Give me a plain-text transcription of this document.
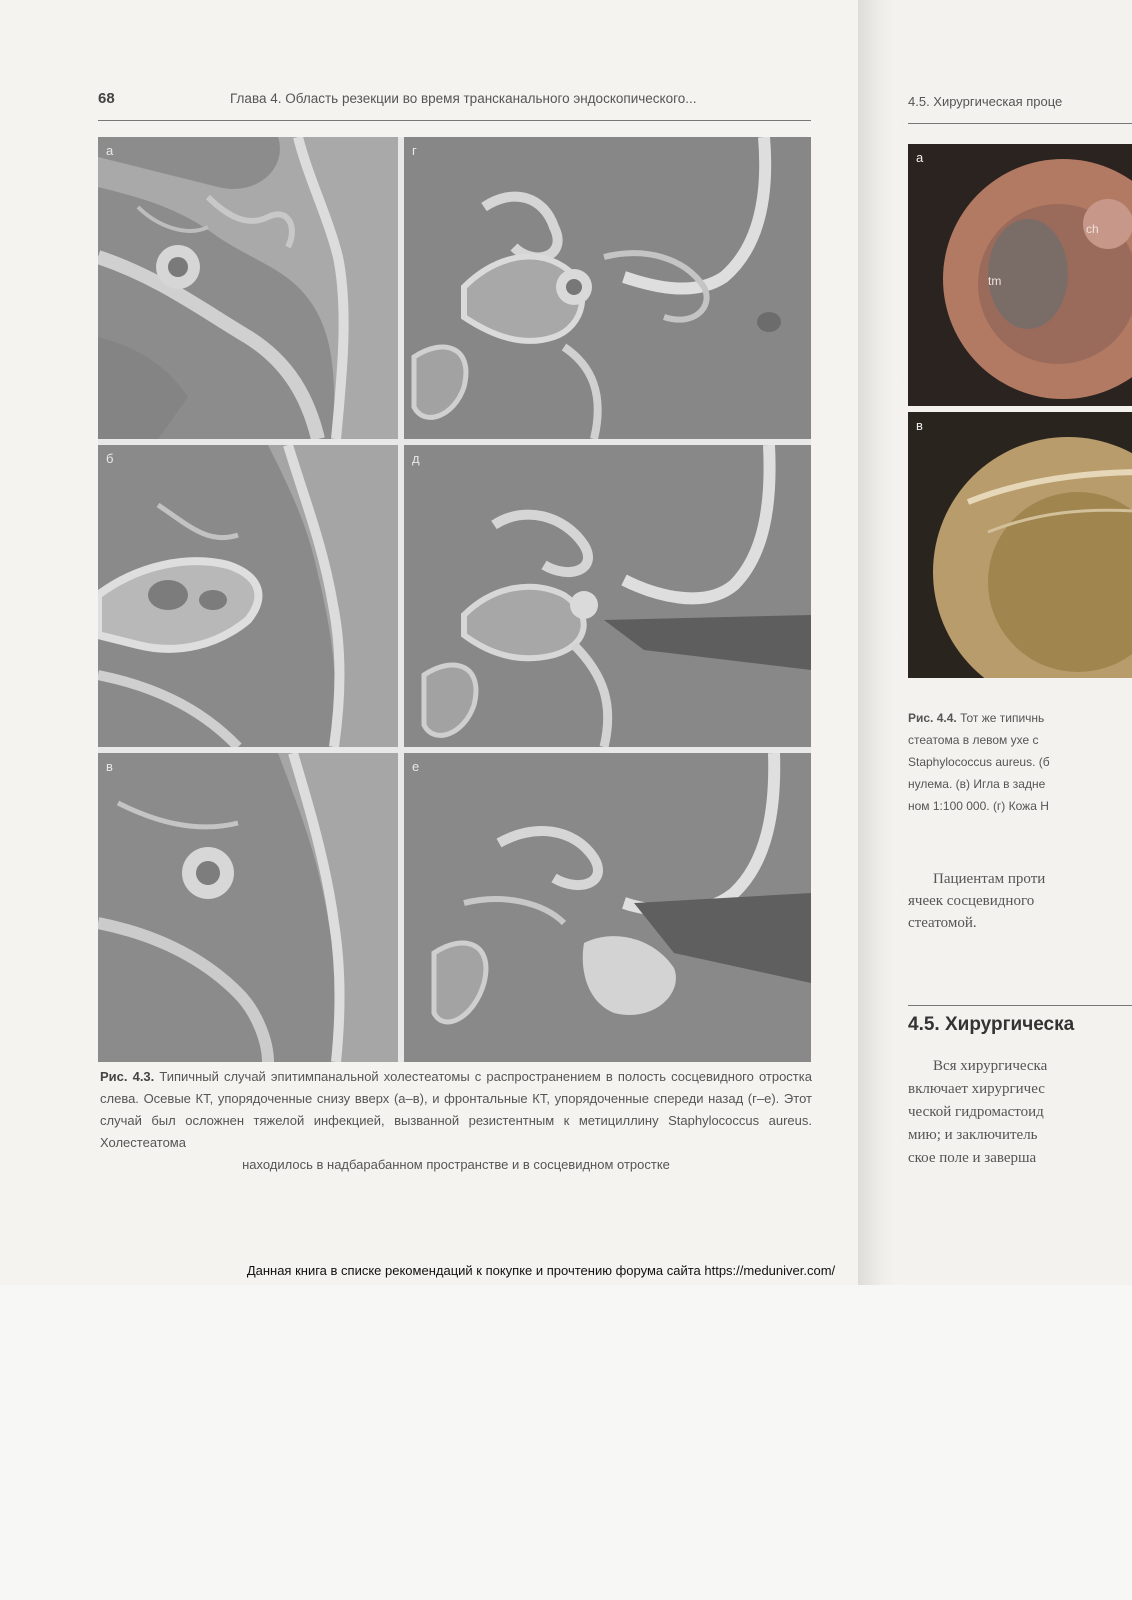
68	Глава 4. Область резекции во время трансканального эндоскопического...
а	г
б	д
в	е
Рис. 4.3. Типичный случай эпитимпанальной холестеатомы с распространением в полость сосцевидного отростка слева. Осевые КТ, упорядоченные снизу вверх (а–в), и фронтальные КТ, упорядоченные спереди назад (г–е). Этот случай был осложнен тяжелой инфекцией, вызванной резистентным к метициллину Staphylococcus aureus. Холестеатома
находилось в надбарабанном пространстве и в сосцевидном отростке
4.5. Хирургическая проце
а
ch
tm
в
Рис. 4.4. Тот же типичнь
стеатома в левом ухе с
Staphylococcus aureus. (б
нулема. (в) Игла в задне
ном 1:100 000. (г) Кожа Н
Пациентам проти
ячеек сосцевидного
стеатомой.
4.5. Хирургическа
Вся хирургическа
включает хирургичес
ческой гидромастоид
мию; и заключитель
ское поле и заверша
Данная книга в списке рекомендаций к покупке и прочтению форума сайта https://meduniver.com/
